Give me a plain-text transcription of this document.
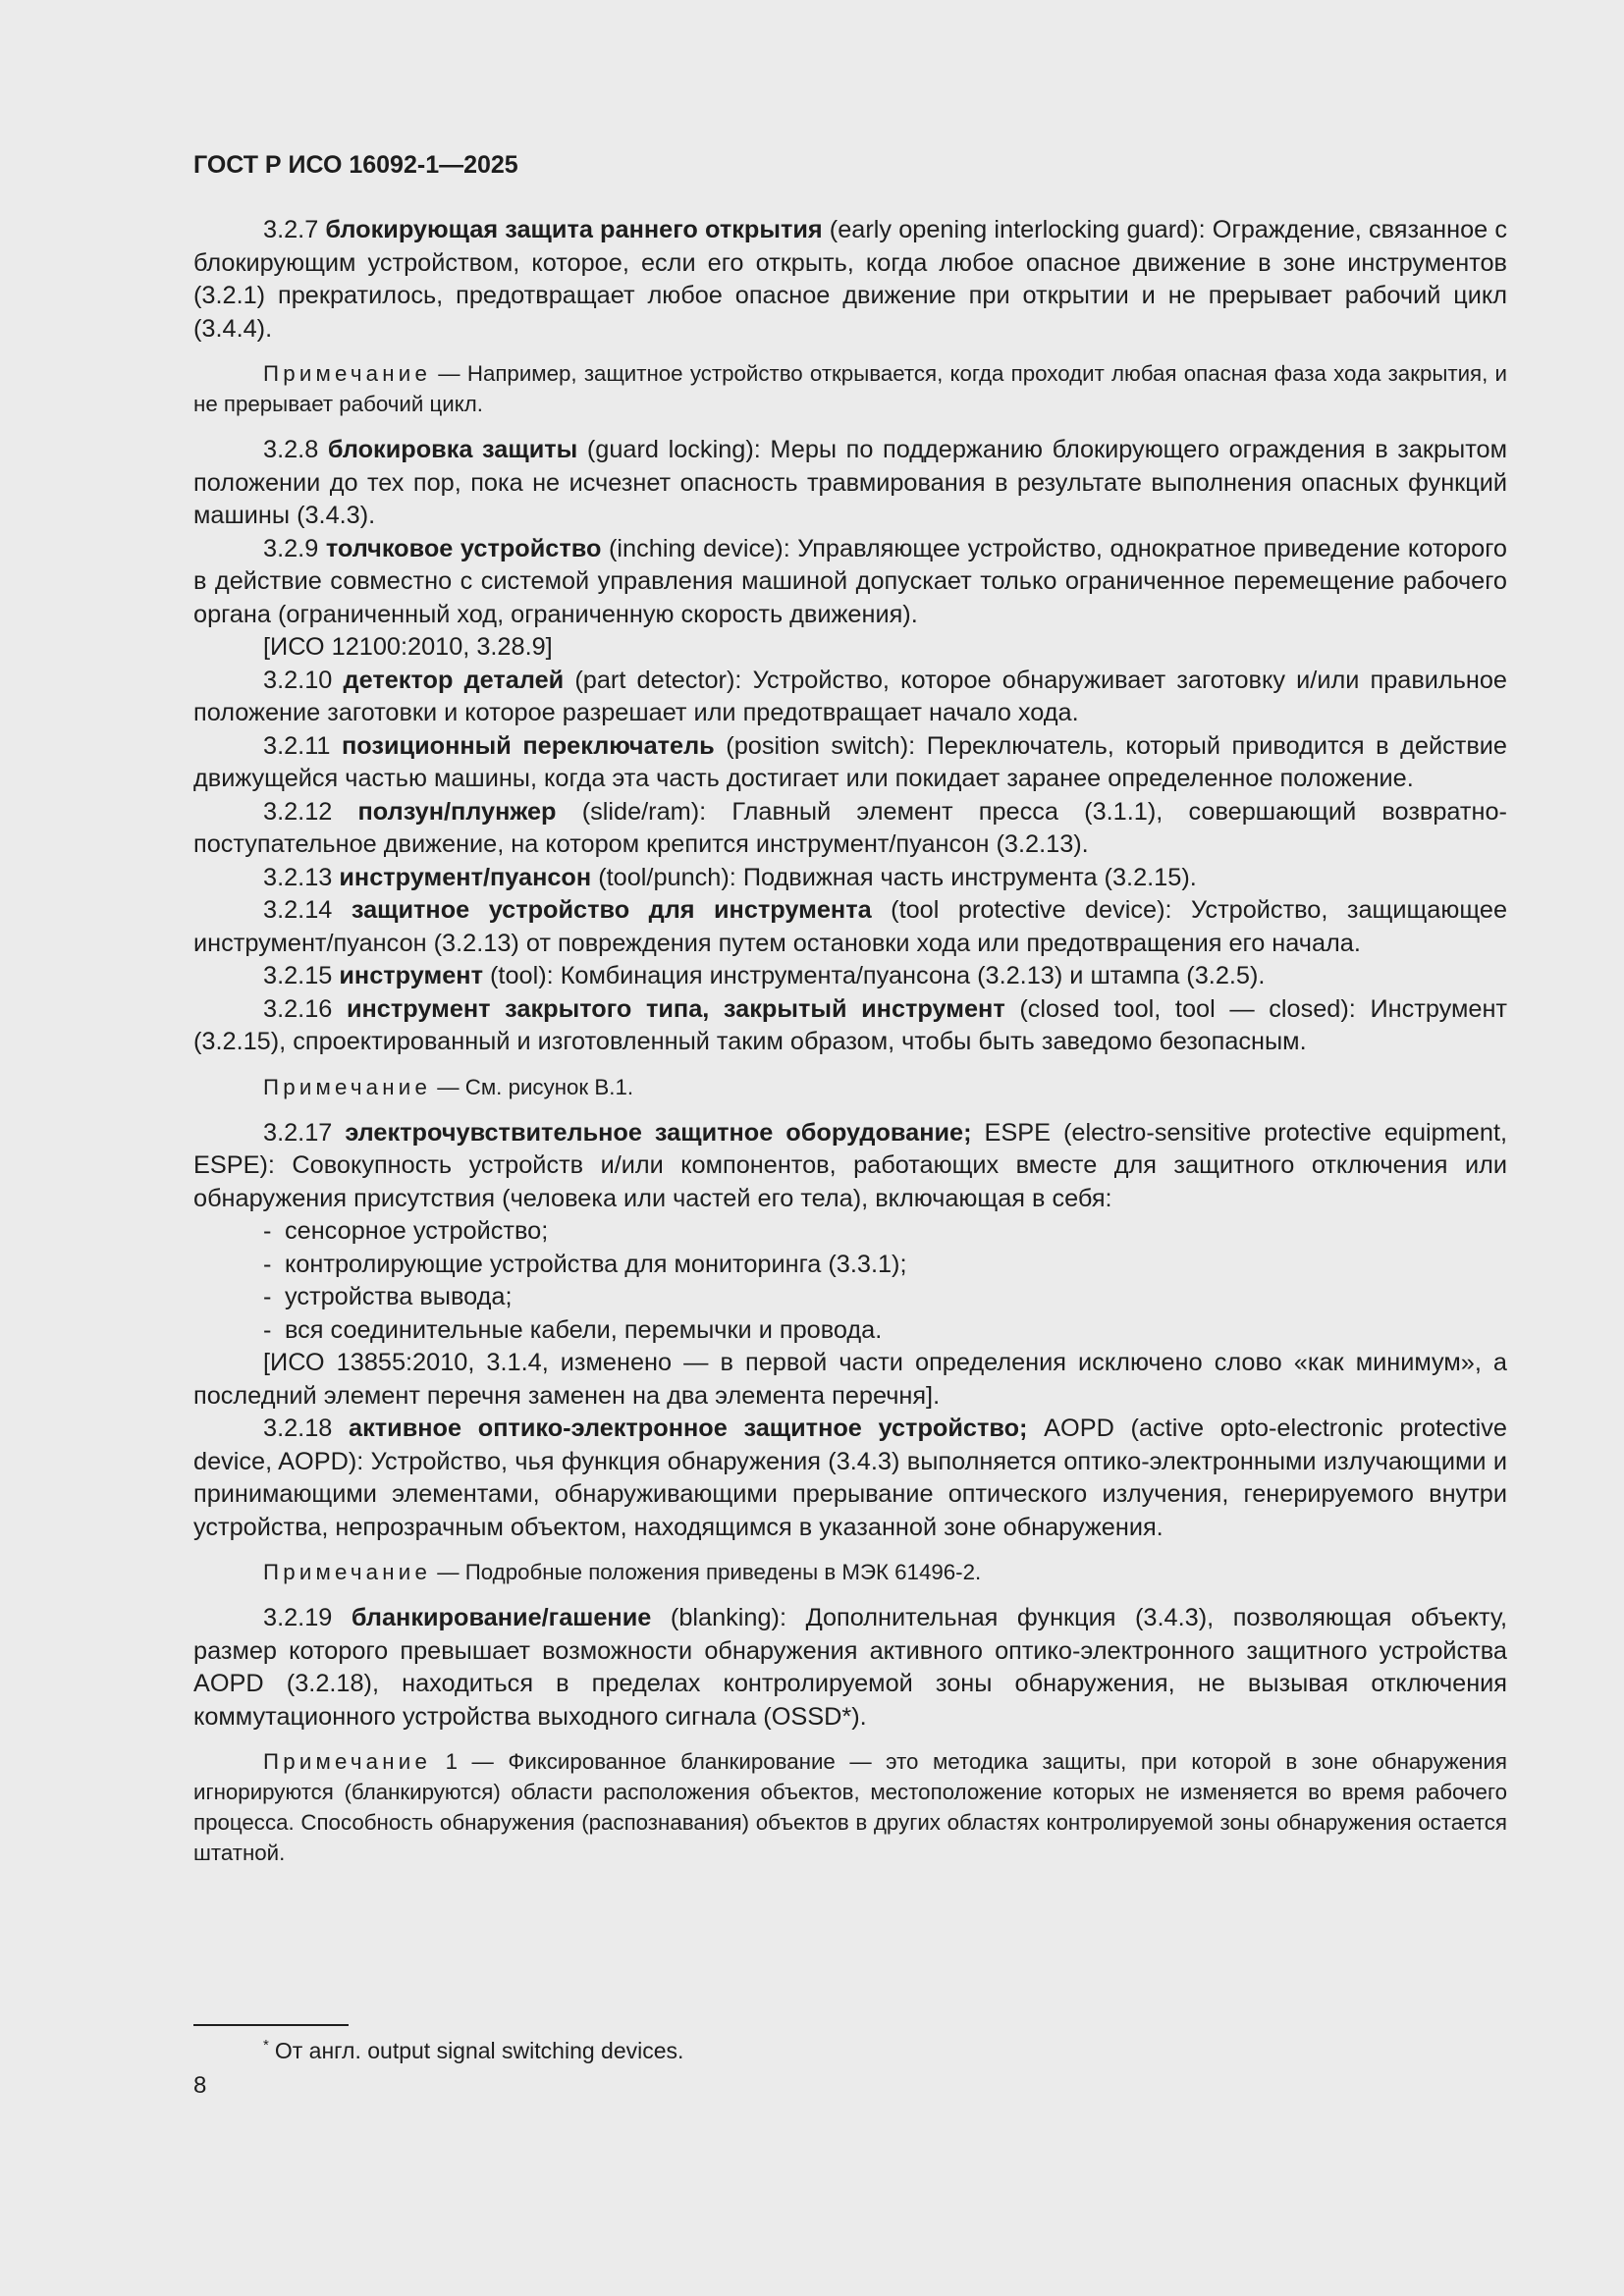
ГОСТ Р ИСО 16092-1—2025

3.2.7 блокирующая защита раннего открытия (early opening interlocking guard): Ограждение, связанное с блокирующим устройством, которое, если его открыть, когда любое опасное движение в зоне инструментов (3.2.1) прекратилось, предотвращает любое опасное движение при открытии и не прерывает рабочий цикл (3.4.4).

Примечание — Например, защитное устройство открывается, когда проходит любая опасная фаза хода закрытия, и не прерывает рабочий цикл.

3.2.8 блокировка защиты (guard locking): Меры по поддержанию блокирующего ограждения в закрытом положении до тех пор, пока не исчезнет опасность травмирования в результате выполнения опасных функций машины (3.4.3).

3.2.9 толчковое устройство (inching device): Управляющее устройство, однократное приведение которого в действие совместно с системой управления машиной допускает только ограниченное перемещение рабочего органа (ограниченный ход, ограниченную скорость движения).

[ИСО 12100:2010, 3.28.9]

3.2.10 детектор деталей (part detector): Устройство, которое обнаруживает заготовку и/или правильное положение заготовки и которое разрешает или предотвращает начало хода.

3.2.11 позиционный переключатель (position switch): Переключатель, который приводится в действие движущейся частью машины, когда эта часть достигает или покидает заранее определенное положение.

3.2.12 ползун/плунжер (slide/ram): Главный элемент пресса (3.1.1), совершающий возвратно-поступательное движение, на котором крепится инструмент/пуансон (3.2.13).

3.2.13 инструмент/пуансон (tool/punch): Подвижная часть инструмента (3.2.15).

3.2.14 защитное устройство для инструмента (tool protective device): Устройство, защищающее инструмент/пуансон (3.2.13) от повреждения путем остановки хода или предотвращения его начала.

3.2.15 инструмент (tool): Комбинация инструмента/пуансона (3.2.13) и штампа (3.2.5).

3.2.16 инструмент закрытого типа, закрытый инструмент (closed tool, tool — closed): Инструмент (3.2.15), спроектированный и изготовленный таким образом, чтобы быть заведомо безопасным.

Примечание — См. рисунок В.1.

3.2.17 электрочувствительное защитное оборудование; ESPE (electro-sensitive protective equipment, ESPE): Совокупность устройств и/или компонентов, работающих вместе для защитного отключения или обнаружения присутствия (человека или частей его тела), включающая в себя:

- сенсорное устройство;
- контролирующие устройства для мониторинга (3.3.1);
- устройства вывода;
- вся соединительные кабели, перемычки и провода.

[ИСО 13855:2010, 3.1.4, изменено — в первой части определения исключено слово «как минимум», а последний элемент перечня заменен на два элемента перечня].

3.2.18 активное оптико-электронное защитное устройство; AOPD (active opto-electronic protective device, AOPD): Устройство, чья функция обнаружения (3.4.3) выполняется оптико-электронными излучающими и принимающими элементами, обнаруживающими прерывание оптического излучения, генерируемого внутри устройства, непрозрачным объектом, находящимся в указанной зоне обнаружения.

Примечание — Подробные положения приведены в МЭК 61496-2.

3.2.19 бланкирование/гашение (blanking): Дополнительная функция (3.4.3), позволяющая объекту, размер которого превышает возможности обнаружения активного оптико-электронного защитного устройства AOPD (3.2.18), находиться в пределах контролируемой зоны обнаружения, не вызывая отключения коммутационного устройства выходного сигнала (OSSD*).

Примечание 1 — Фиксированное бланкирование — это методика защиты, при которой в зоне обнаружения игнорируются (бланкируются) области расположения объектов, местоположение которых не изменяется во время рабочего процесса. Способность обнаружения (распознавания) объектов в других областях контролируемой зоны обнаружения остается штатной.

* От англ. output signal switching devices.
8
